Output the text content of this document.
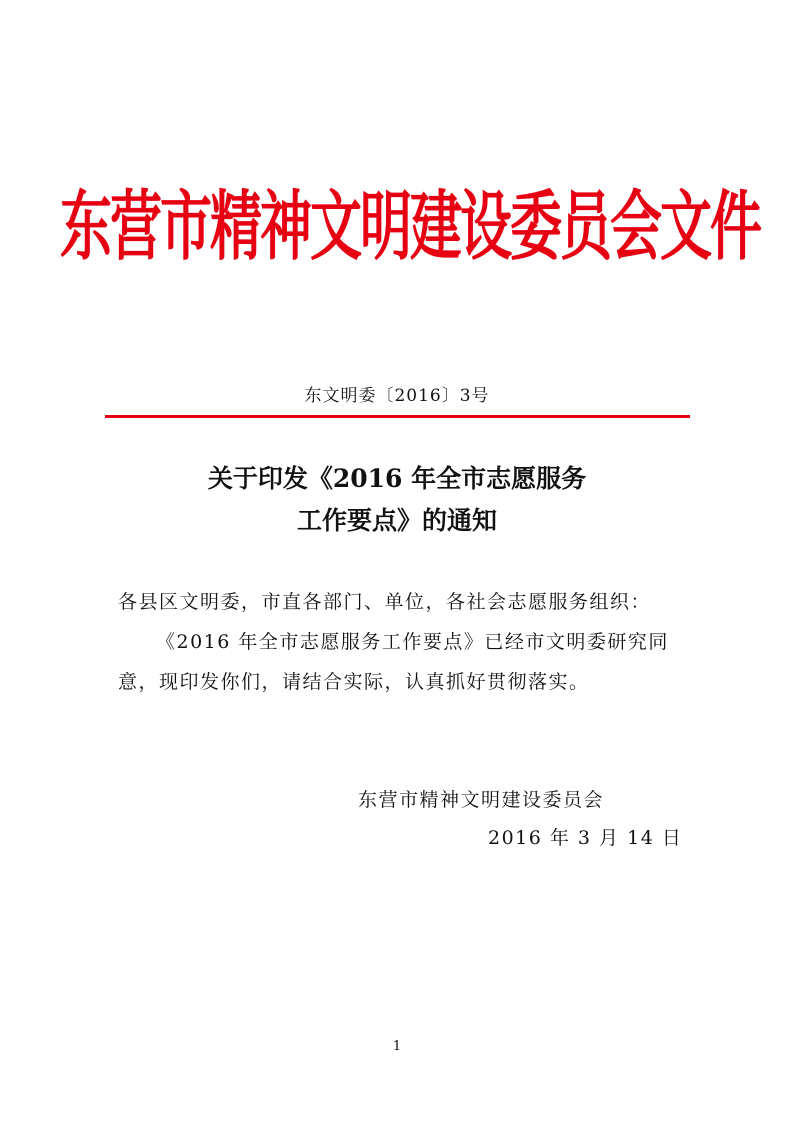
东营市精神文明建设委员会文件
东文明委〔2016〕3号
关于印发《2016 年全市志愿服务
工作要点》的通知

各县区文明委，市直各部门、单位，各社会志愿服务组织：

《2016 年全市志愿服务工作要点》已经市文明委研究同意，现印发你们，请结合实际，认真抓好贯彻落实。

东营市精神文明建设委员会
2016 年 3 月 14 日
1
